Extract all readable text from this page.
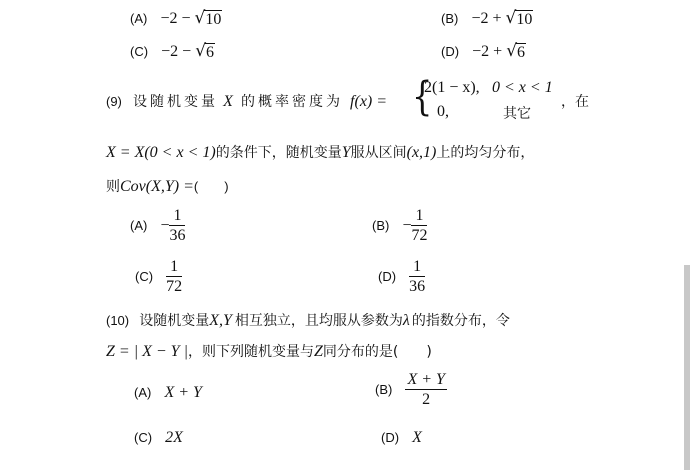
(A) −2 − √ 10	(B) −2 + √ 10
(C) −2 − √ 6	(D) −2 + √ 6
(9) 设随机变量 X 的概率密度为 f(x) = {
2(1 − x), 0 < x < 1
0,	其它
，在
X = X(0 < x < 1)的条件下，随机变量Y服从区间(x,1)上的均匀分布，
则Cov(X,Y) =(　　)
$(A) - \frac{1}{36}$	$(B) - \frac{1}{72}$
$(C) \frac{1}{72}$	$(D) \frac{1}{36}$
(10) 设随机变量X,Y 相互独立，且均服从参数为λ 的指数分布，令
Z = | X − Y |，则下列随机变量与Z同分布的是(　　)
(A) X + Y	$(B) \frac{X + Y}{2}$
(C) 2X	(D) X
